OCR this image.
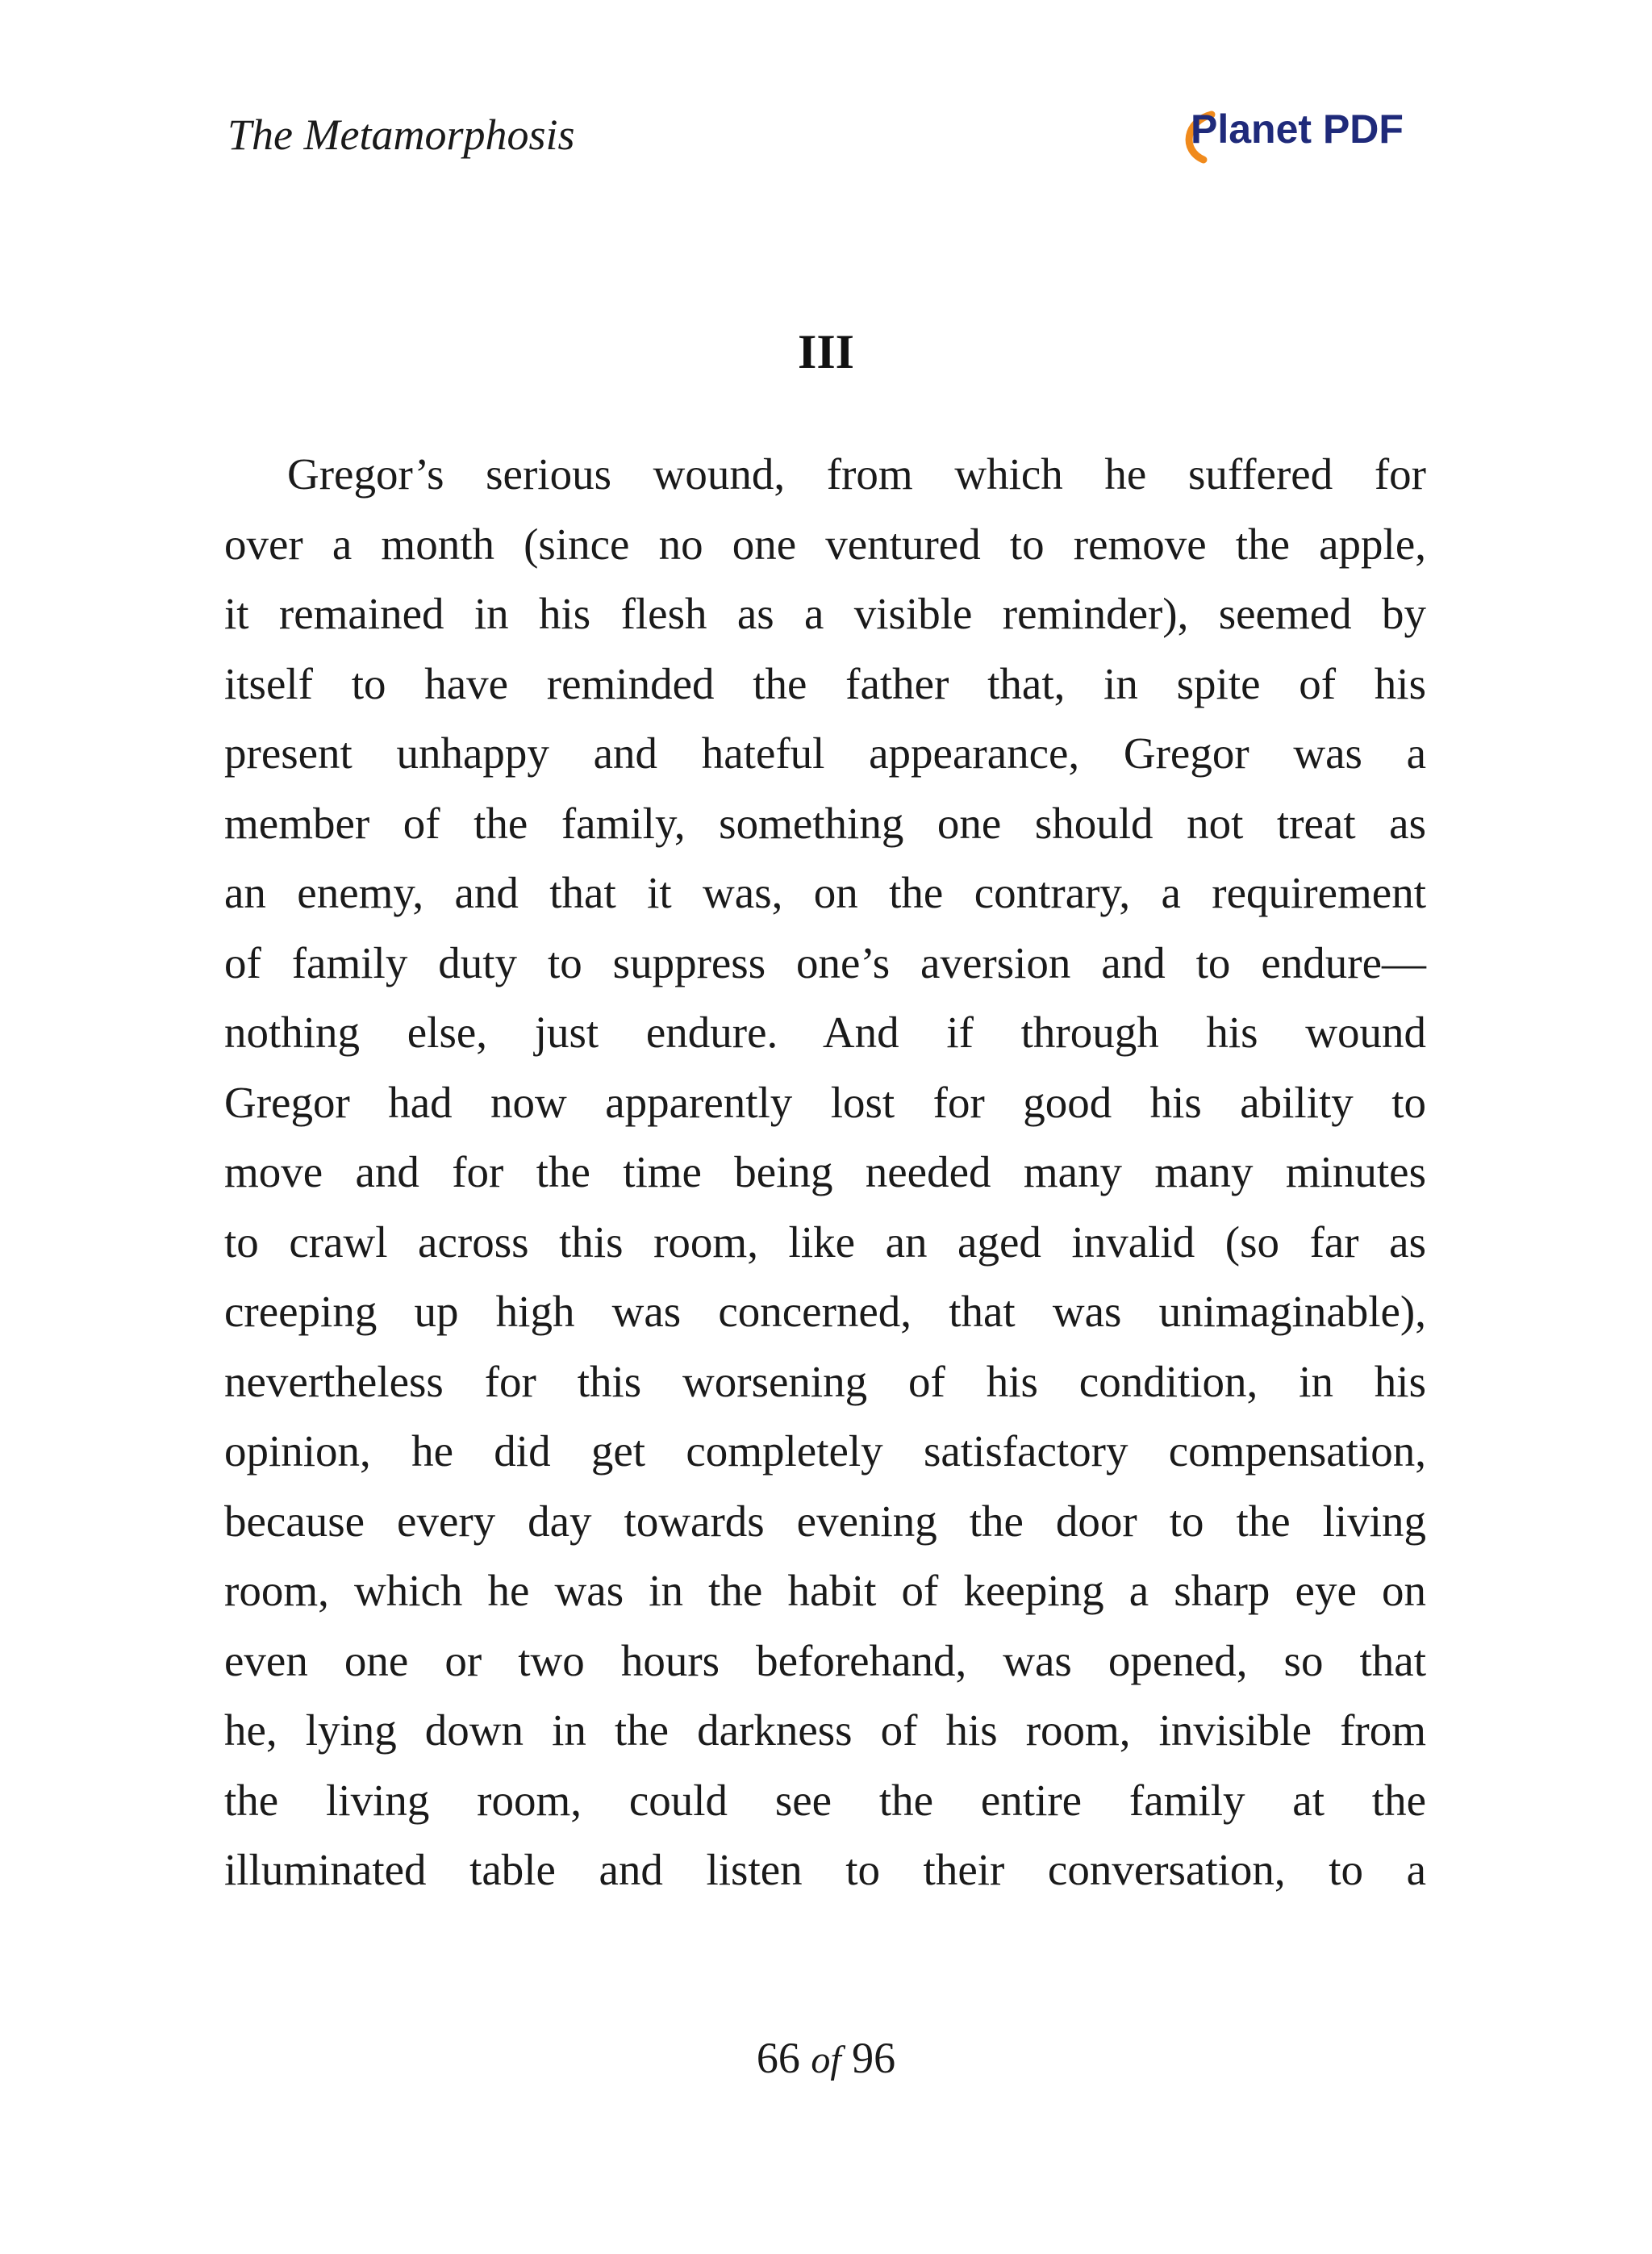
The Metamorphosis	Planet PDF
III
Gregor’s serious wound, from which he suffered for
over a month (since no one ventured to remove the apple,
it remained in his flesh as a visible reminder), seemed by
itself to have reminded the father that, in spite of his
present unhappy and hateful appearance, Gregor was a
member of the family, something one should not treat as
an enemy, and that it was, on the contrary, a requirement
of family duty to suppress one’s aversion and to endure—
nothing else, just endure. And if through his wound
Gregor had now apparently lost for good his ability to
move and for the time being needed many many minutes
to crawl across this room, like an aged invalid (so far as
creeping up high was concerned, that was unimaginable),
nevertheless for this worsening of his condition, in his
opinion, he did get completely satisfactory compensation,
because every day towards evening the door to the living
room, which he was in the habit of keeping a sharp eye on
even one or two hours beforehand, was opened, so that
he, lying down in the darkness of his room, invisible from
the living room, could see the entire family at the
illuminated table and listen to their conversation, to a
66 of 96
